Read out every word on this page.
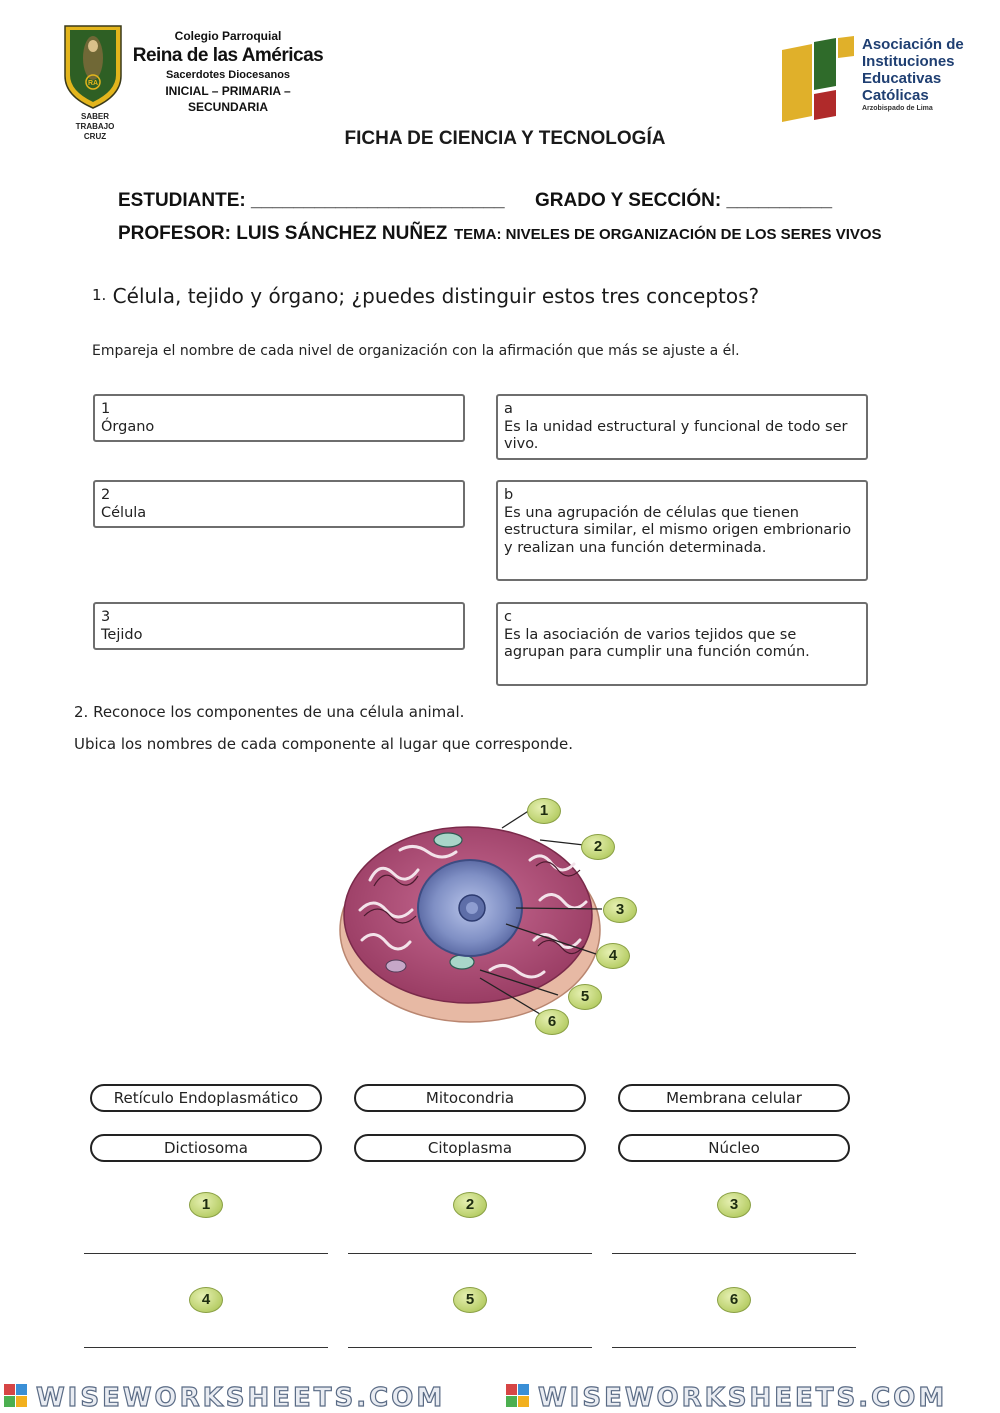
RA
SABER
TRABAJO
CRUZ
Colegio Parroquial
Reina de las Américas
Sacerdotes Diocesanos
INICIAL – PRIMARIA – SECUNDARIA
Asociación de
Instituciones
Educativas
Católicas
Arzobispado de Lima
FICHA DE CIENCIA Y TECNOLOGÍA
ESTUDIANTE: ________________________ GRADO Y SECCIÓN: __________
PROFESOR: LUIS SÁNCHEZ NUÑEZ TEMA: NIVELES DE ORGANIZACIÓN DE LOS SERES VIVOS
1. Célula, tejido y órgano; ¿puedes distinguir estos tres conceptos?
Empareja el nombre de cada nivel de organización con la afirmación que más se ajuste a él.
1
Órgano
2
Célula
3
Tejido
a
Es la unidad estructural y funcional de todo ser vivo.
b
Es una agrupación de células que tienen estructura similar, el mismo origen embrionario y realizan una función determinada.
c
Es la asociación de varios tejidos que se agrupan para cumplir una función común.
2. Reconoce los componentes de una célula animal.
Ubica los nombres de cada componente al lugar que corresponde.
1
2
3
4
5
6
Retículo Endoplasmático	Mitocondria	Membrana celular
Dictiosoma	Citoplasma	Núcleo
1	2	3
4	5	6
WISEWORKSHEETS.COM	WISEWORKSHEETS.COM
